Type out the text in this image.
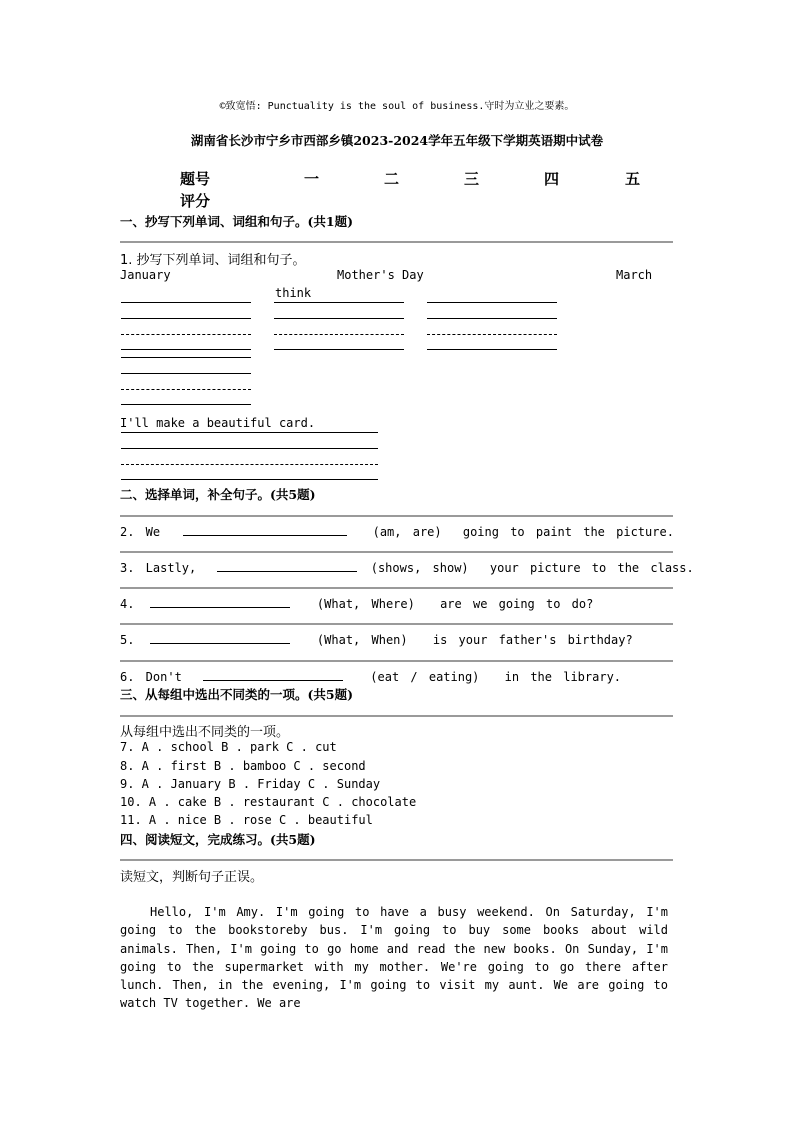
©致宽悟: Punctuality is the soul of business.守时为立业之要素。
湖南省长沙市宁乡市西部乡镇2023-2024学年五年级下学期英语期中试卷
题号	一	二	三	四	五
评分
一、抄写下列单词、词组和句子。(共1题)
1. 抄写下列单词、词组和句子。
January	Mother's Day	March
think
I'll make a beautiful card.
二、选择单词，补全句子。(共5题)
2. We	(am, are) going to paint the picture.
3. Lastly,	(shows, show) your picture to the class.
4.	(What, Where) are we going to do?
5.	(What, When) is your father's birthday?
6. Don't	(eat / eating) in the library.
三、从每组中选出不同类的一项。(共5题)
从每组中选出不同类的一项。
7. A . school B . park C . cut
8. A . first B . bamboo C . second
9. A . January B . Friday C . Sunday
10. A . cake B . restaurant C . chocolate
11. A . nice B . rose C . beautiful
四、阅读短文，完成练习。(共5题)
读短文，判断句子正误。
Hello, I'm Amy. I'm going to have a busy weekend. On Saturday, I'm going to the bookstoreby bus. I'm going to buy some books about wild animals. Then, I'm going to go home and read the new books. On Sunday, I'm going to the supermarket with my mother. We're going to go there after lunch. Then, in the evening, I'm going to visit my aunt. We are going to watch TV together. We are
